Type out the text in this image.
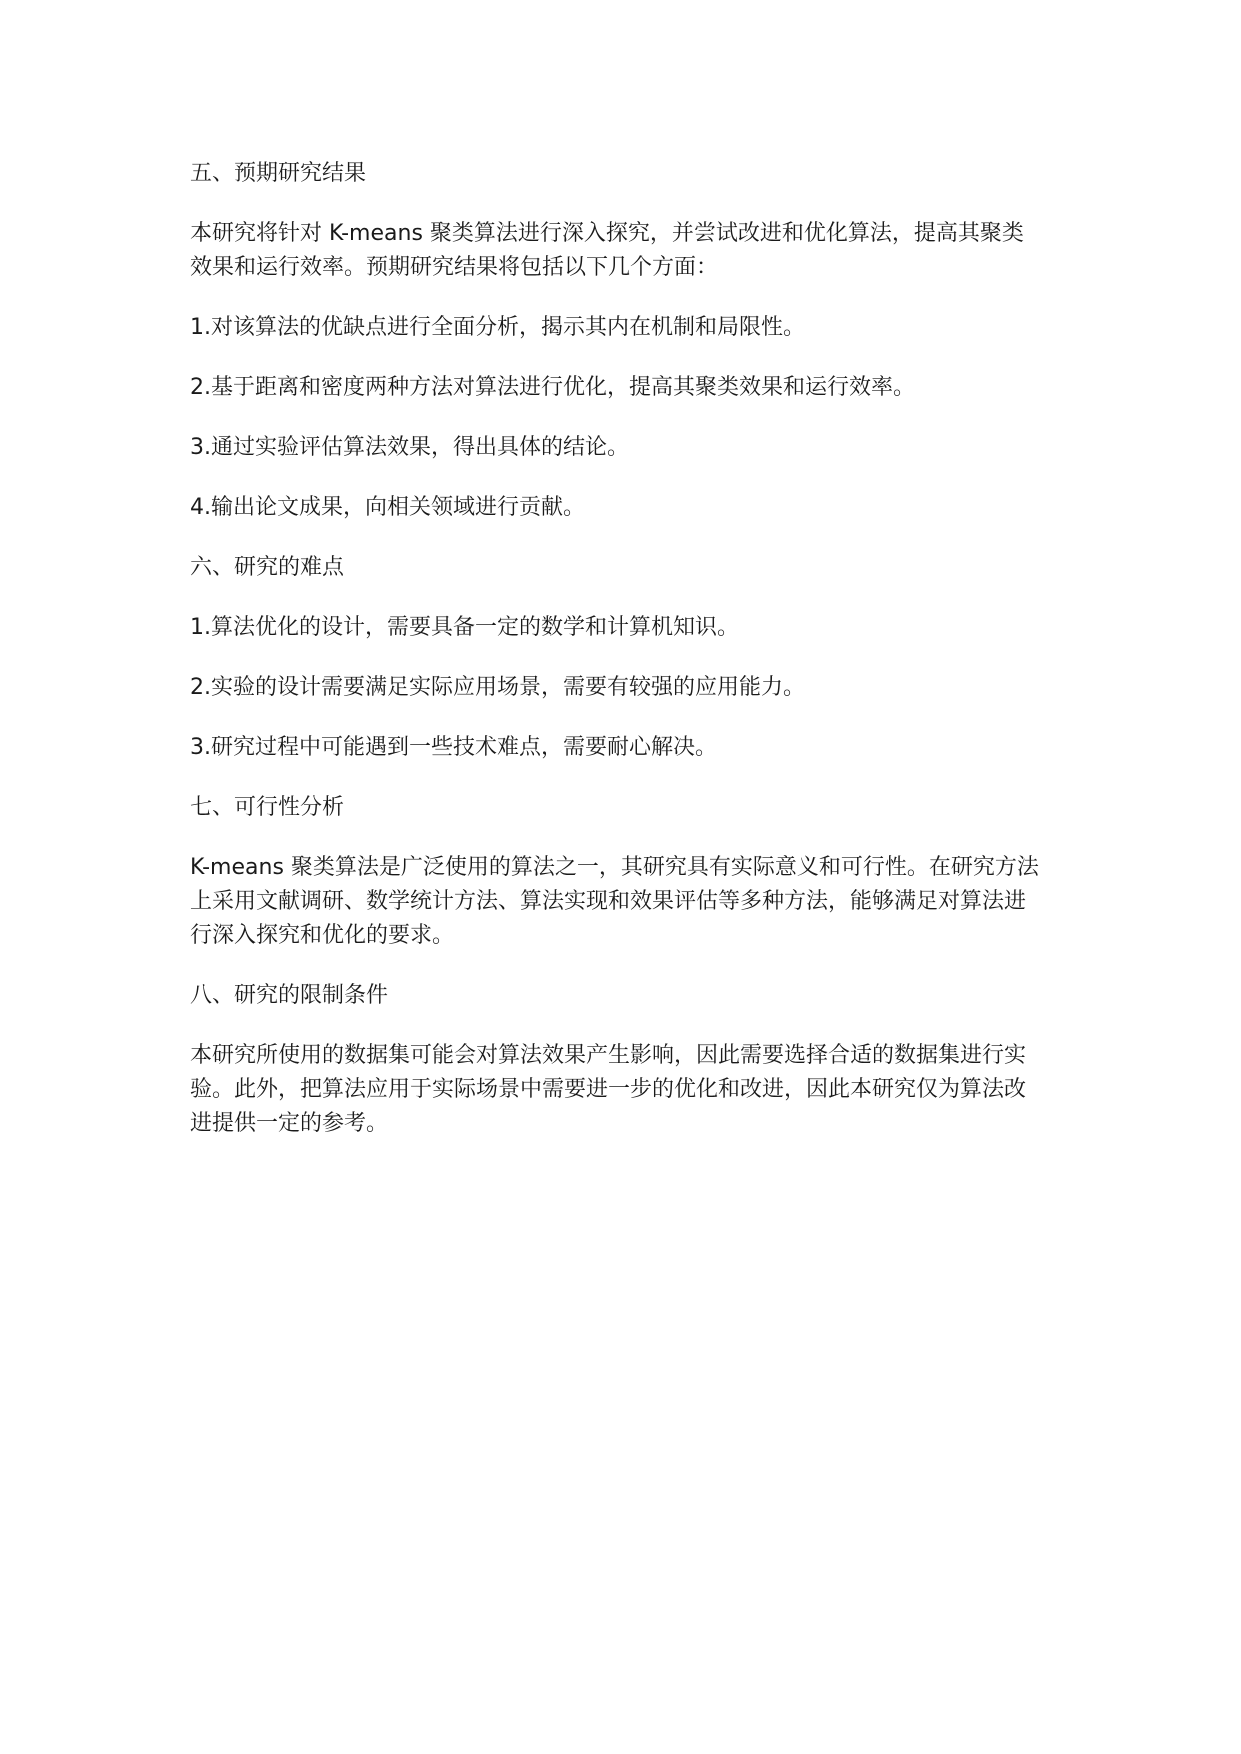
五、预期研究结果
本研究将针对 K-means 聚类算法进行深入探究，并尝试改进和优化算法，提高其聚类效果和运行效率。预期研究结果将包括以下几个方面：
1.对该算法的优缺点进行全面分析，揭示其内在机制和局限性。
2.基于距离和密度两种方法对算法进行优化，提高其聚类效果和运行效率。
3.通过实验评估算法效果，得出具体的结论。
4.输出论文成果，向相关领域进行贡献。
六、研究的难点
1.算法优化的设计，需要具备一定的数学和计算机知识。
2.实验的设计需要满足实际应用场景，需要有较强的应用能力。
3.研究过程中可能遇到一些技术难点，需要耐心解决。
七、可行性分析
K-means 聚类算法是广泛使用的算法之一，其研究具有实际意义和可行性。在研究方法上采用文献调研、数学统计方法、算法实现和效果评估等多种方法，能够满足对算法进行深入探究和优化的要求。
八、研究的限制条件
本研究所使用的数据集可能会对算法效果产生影响，因此需要选择合适的数据集进行实验。此外，把算法应用于实际场景中需要进一步的优化和改进，因此本研究仅为算法改进提供一定的参考。
